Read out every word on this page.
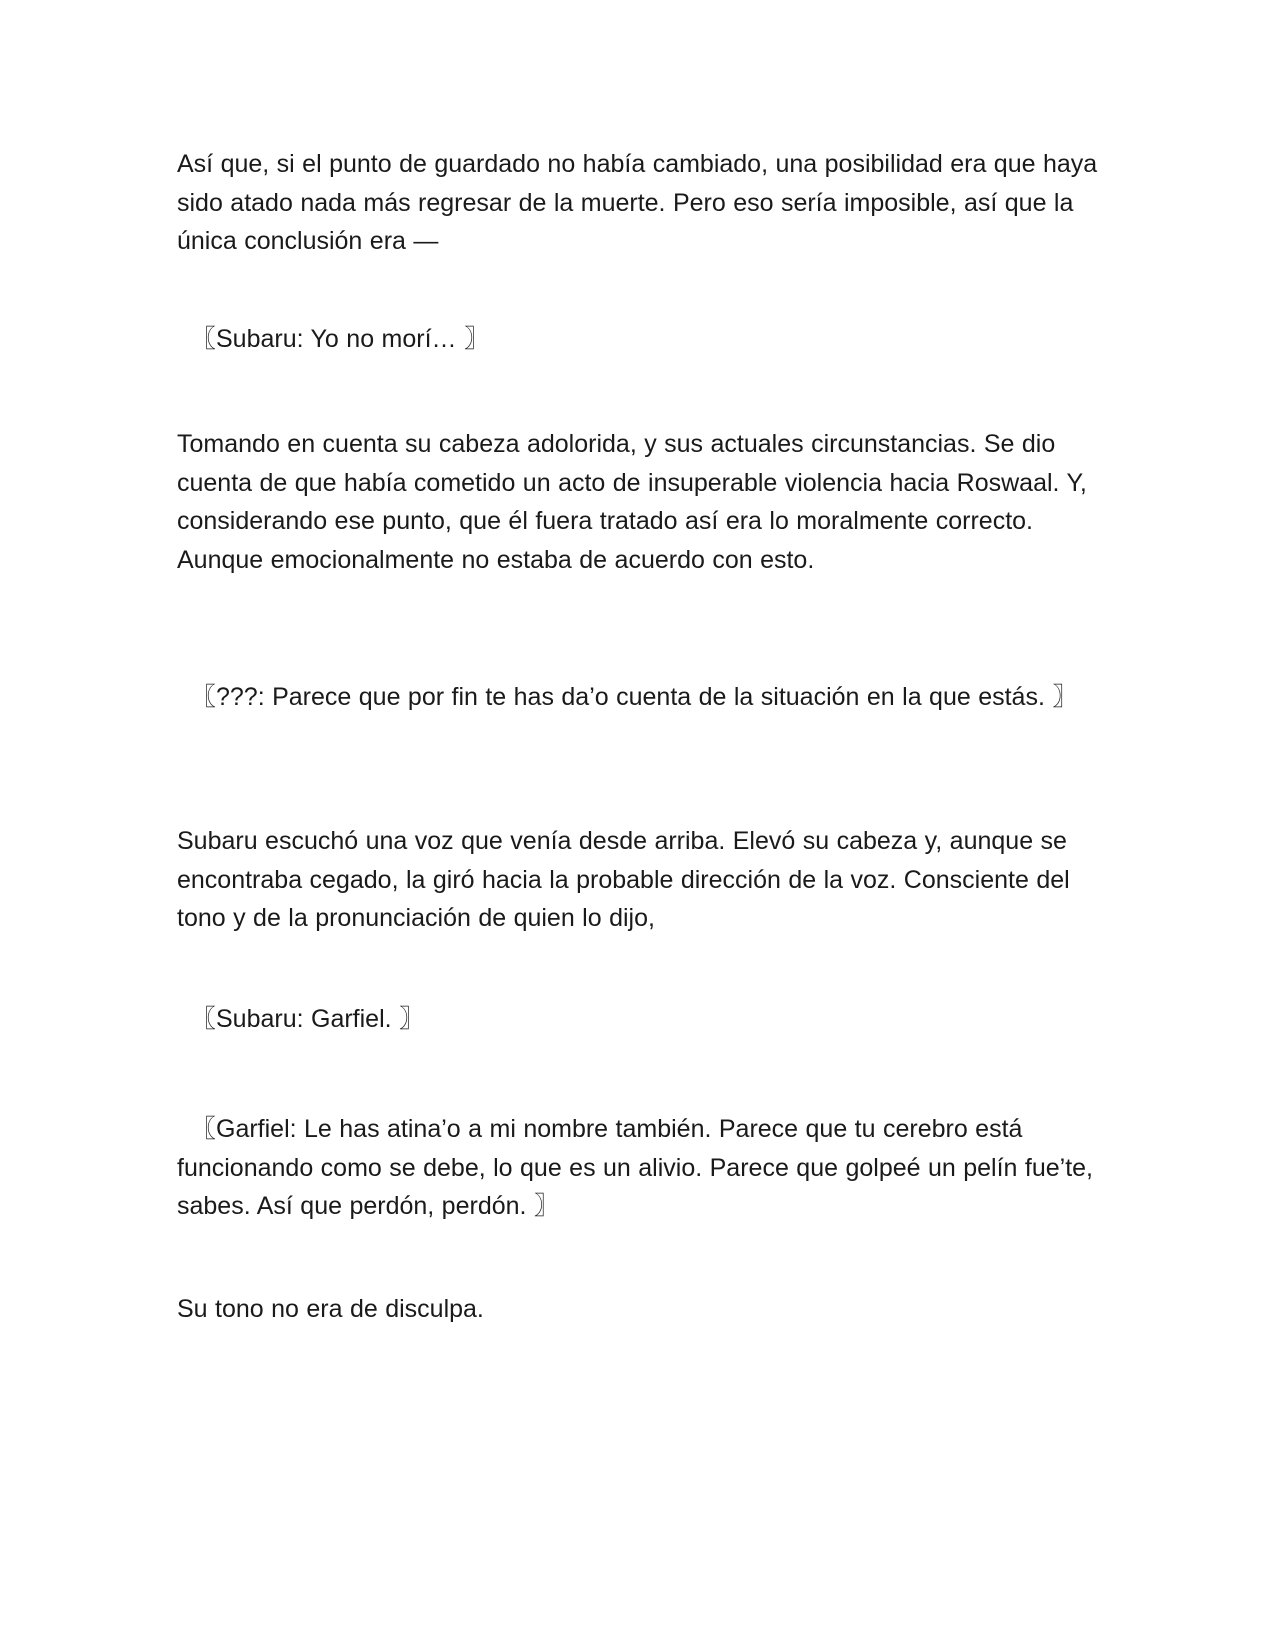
Así que, si el punto de guardado no había cambiado, una posibilidad era que haya sido atado nada más regresar de la muerte. Pero eso sería imposible, así que la única conclusión era —

〖Subaru: Yo no morí… 〗

Tomando en cuenta su cabeza adolorida, y sus actuales circunstancias. Se dio cuenta de que había cometido un acto de insuperable violencia hacia Roswaal. Y, considerando ese punto, que él fuera tratado así era lo moralmente correcto. Aunque emocionalmente no estaba de acuerdo con esto.

〖???: Parece que por fin te has da’o cuenta de la situación en la que estás. 〗

Subaru escuchó una voz que venía desde arriba. Elevó su cabeza y, aunque se encontraba cegado, la giró hacia la probable dirección de la voz. Consciente del tono y de la pronunciación de quien lo dijo,

〖Subaru: Garfiel. 〗

〖Garfiel: Le has atina’o a mi nombre también. Parece que tu cerebro está funcionando como se debe, lo que es un alivio. Parece que golpeé un pelín fue’te, sabes. Así que perdón, perdón. 〗

Su tono no era de disculpa.
